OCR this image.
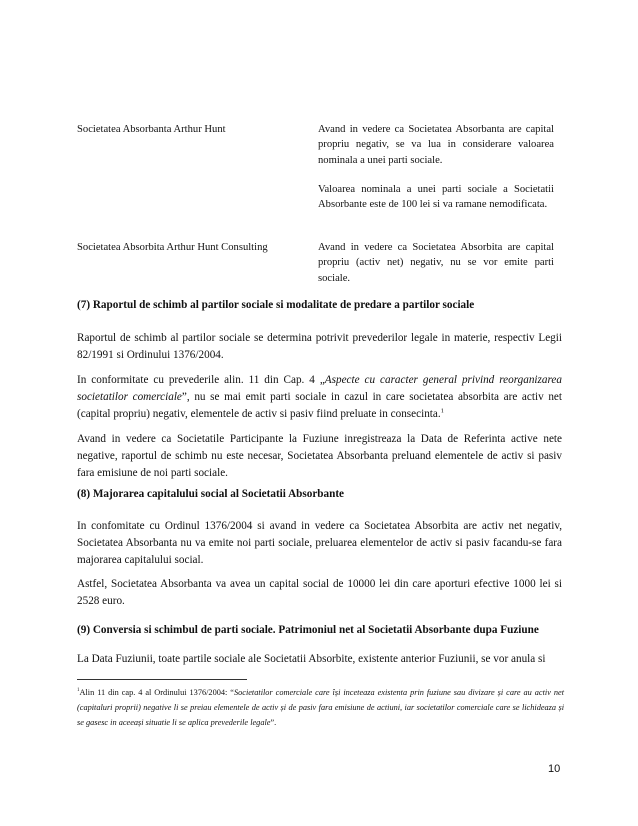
Societatea Absorbanta Arthur Hunt	Avand in vedere ca Societatea Absorbanta are capital propriu negativ, se va lua in considerare valoarea nominala a unei parti sociale.
Valoarea nominala a unei parti sociale a Societatii Absorbante este de 100 lei si va ramane nemodificata.
Societatea Absorbita Arthur Hunt Consulting	Avand in vedere ca Societatea Absorbita are capital propriu (activ net) negativ, nu se vor emite parti sociale.
(7) Raportul de schimb al partilor sociale si modalitate de predare a partilor sociale
Raportul de schimb al partilor sociale se determina potrivit prevederilor legale in materie, respectiv Legii 82/1991 si Ordinului 1376/2004.
In conformitate cu prevederile alin. 11 din Cap. 4 „Aspecte cu caracter general privind reorganizarea societatilor comerciale”, nu se mai emit parti sociale in cazul in care societatea absorbita are activ net (capital propriu) negativ, elementele de activ si pasiv fiind preluate in consecinta.$^1$
Avand in vedere ca Societatile Participante la Fuziune inregistreaza la Data de Referinta active nete negative, raportul de schimb nu este necesar, Societatea Absorbanta preluand elementele de activ si pasiv fara emisiune de noi parti sociale.
(8) Majorarea capitalului social al Societatii Absorbante
In confomitate cu Ordinul 1376/2004 si avand in vedere ca Societatea Absorbita are activ net negativ, Societatea Absorbanta nu va emite noi parti sociale, preluarea elementelor de activ si pasiv facandu-se fara majorarea capitalului social.
Astfel, Societatea Absorbanta va avea un capital social de 10000 lei din care aporturi efective 1000 lei si 2528 euro.
(9) Conversia si schimbul de parti sociale. Patrimoniul net al Societatii Absorbante dupa Fuziune
La Data Fuziunii, toate partile sociale ale Societatii Absorbite, existente anterior Fuziunii, se vor anula si
$^1$Alin 11 din cap. 4 al Ordinului 1376/2004: “Societatilor comerciale care își inceteaza existenta prin fuziune sau divizare și care au activ net (capitaluri proprii) negative li se preiau elementele de activ și de pasiv fara emisiune de actiuni, iar societatilor comerciale care se lichideaza și se gasesc in aceeași situatie li se aplica prevederile legale”.
10
